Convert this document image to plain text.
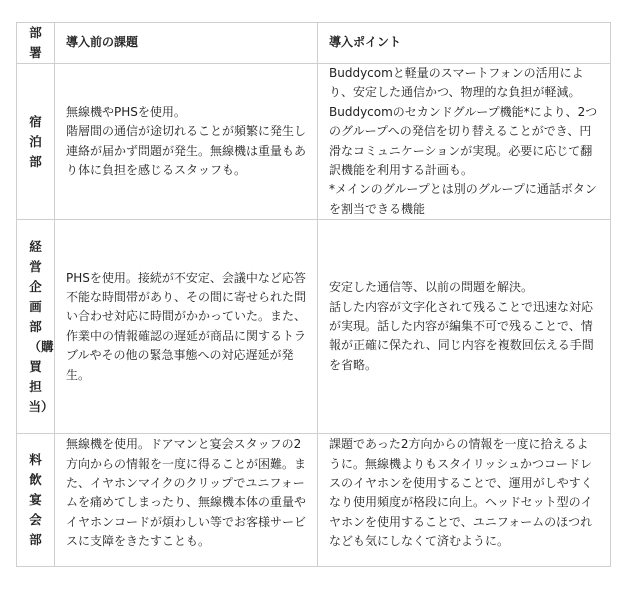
部署	導入前の課題	導入ポイント

宿泊部	無線機やPHSを使用。
階層間の通信が途切れることが頻繁に発生し連絡が届かず問題が発生。無線機は重量もあり体に負担を感じるスタッフも。	Buddycomと軽量のスマートフォンの活用により、安定した通信かつ、物理的な負担が軽減。Buddycomのセカンドグループ機能*により、2つのグループへの発信を切り替えることができ、円滑なコミュニケーションが実現。必要に応じて翻訳機能を利用する計画も。
*メインのグループとは別のグループに通話ボタンを割当できる機能

経営企画部（購買担当）	PHSを使用。接続が不安定、会議中など応答不能な時間帯があり、その間に寄せられた問い合わせ対応に時間がかかっていた。また、作業中の情報確認の遅延が商品に関するトラブルやその他の緊急事態への対応遅延が発生。	安定した通信等、以前の問題を解決。
話した内容が文字化されて残ることで迅速な対応が実現。話した内容が編集不可で残ることで、情報が正確に保たれ、同じ内容を複数回伝える手間を省略。

料飲宴会部	無線機を使用。ドアマンと宴会スタッフの2方向からの情報を一度に得ることが困難。また、イヤホンマイクのクリップでユニフォームを痛めてしまったり、無線機本体の重量やイヤホンコードが煩わしい等でお客様サービスに支障をきたすことも。	課題であった2方向からの情報を一度に拾えるように。無線機よりもスタイリッシュかつコードレスのイヤホンを使用することで、運用がしやすくなり使用頻度が格段に向上。ヘッドセット型のイヤホンを使用することで、ユニフォームのほつれなども気にしなくて済むように。
